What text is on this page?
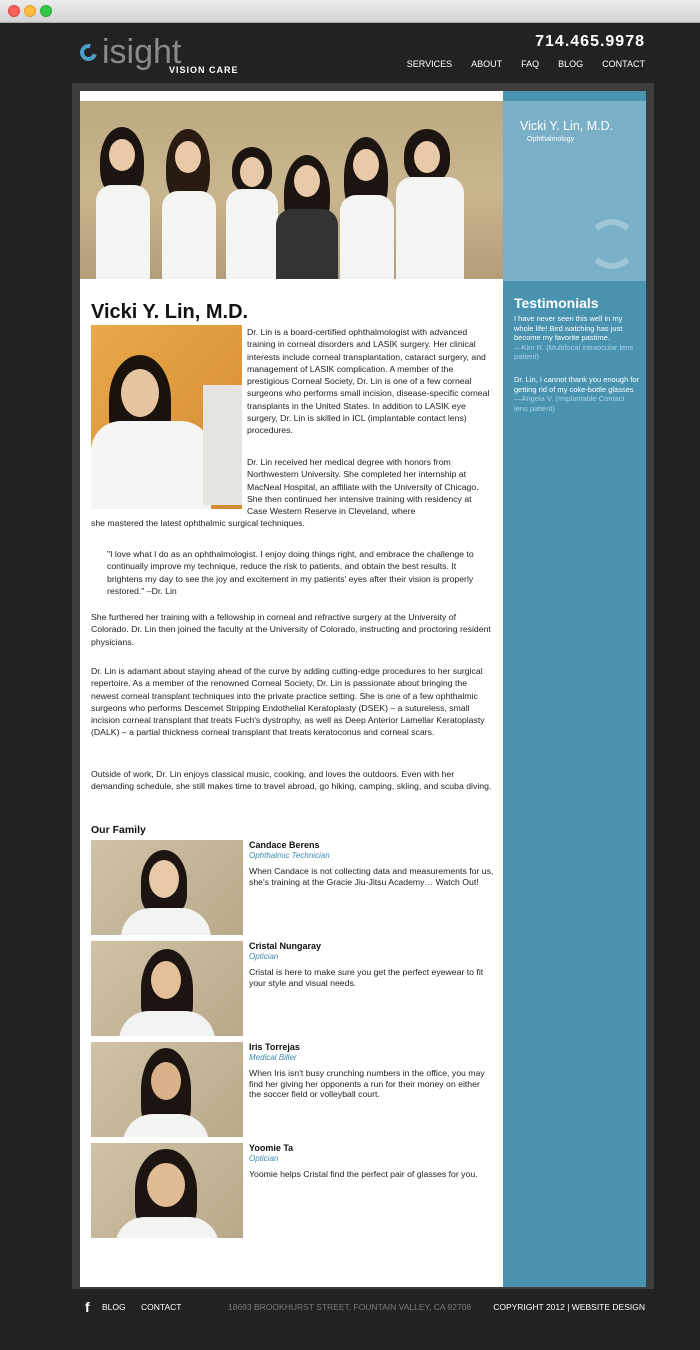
isight
VISION CARE
714.465.9978
SERVICES ABOUT FAQ BLOG CONTACT
Vicki Y. Lin, M.D.
Dr. Lin is a board-certified ophthalmologist with advanced training in corneal disorders and LASIK surgery. Her clinical interests include corneal transplantation, cataract surgery, and management of LASIK complication. A member of the prestigious Corneal Society, Dr. Lin is one of a few corneal surgeons who performs small incision, disease-specific corneal transplants in the United States. In addition to LASIK eye surgery, Dr. Lin is skilled in ICL (implantable contact lens) procedures.
Dr. Lin received her medical degree with honors from Northwestern University. She completed her internship at MacNeal Hospital, an affiliate with the University of Chicago. She then continued her intensive training with residency at Case Western Reserve in Cleveland, where
she mastered the latest ophthalmic surgical techniques.
"I love what I do as an ophthalmologist. I enjoy doing things right, and embrace the challenge to continually improve my technique, reduce the risk to patients, and obtain the best results. It brightens my day to see the joy and excitement in my patients' eyes after their vision is properly restored." –Dr. Lin
She furthered her training with a fellowship in corneal and refractive surgery at the University of Colorado. Dr. Lin then joined the faculty at the University of Colorado, instructing and proctoring resident physicians.
Dr. Lin is adamant about staying ahead of the curve by adding cutting-edge procedures to her surgical repertoire. As a member of the renowned Corneal Society, Dr. Lin is passionate about bringing the newest corneal transplant techniques into the private practice setting. She is one of a few ophthalmic surgeons who performs Descemet Stripping Endothelial Keratoplasty (DSEK) – a sutureless, small incision corneal transplant that treats Fuch's dystrophy, as well as Deep Anterior Lamellar Keratoplasty (DALK) – a partial thickness corneal transplant that treats keratoconus and corneal scars.
Outside of work, Dr. Lin enjoys classical music, cooking, and loves the outdoors. Even with her demanding schedule, she still makes time to travel abroad, go hiking, camping, skiing, and scuba diving.
Our Family
Candace Berens
Ophthalmic Technician
When Candace is not collecting data and measurements for us, she's training at the Gracie Jiu-Jitsu Academy… Watch Out!
Cristal Nungaray
Optician
Cristal is here to make sure you get the perfect eyewear to fit your style and visual needs.
Iris Torrejas
Medical Biller
When Iris isn't busy crunching numbers in the office, you may find her giving her opponents a run for their money on either the soccer field or volleyball court.
Yoomie Ta
Optician
Yoomie helps Cristal find the perfect pair of glasses for you.
Vicki Y. Lin, M.D.
Ophthalmology
Testimonials
I have never seen this well in my whole life! Bird watching has just become my favorite pastime.
—Kim R. (Multifocal intraocular lens patient)
Dr. Lin, I cannot thank you enough for getting rid of my coke-bottle glasses
—Angela V. (Implantable Contact lens patient)
f BLOG CONTACT	18693 BROOKHURST STREET, FOUNTAIN VALLEY, CA 92708	COPYRIGHT 2012 | WEBSITE DESIGN
